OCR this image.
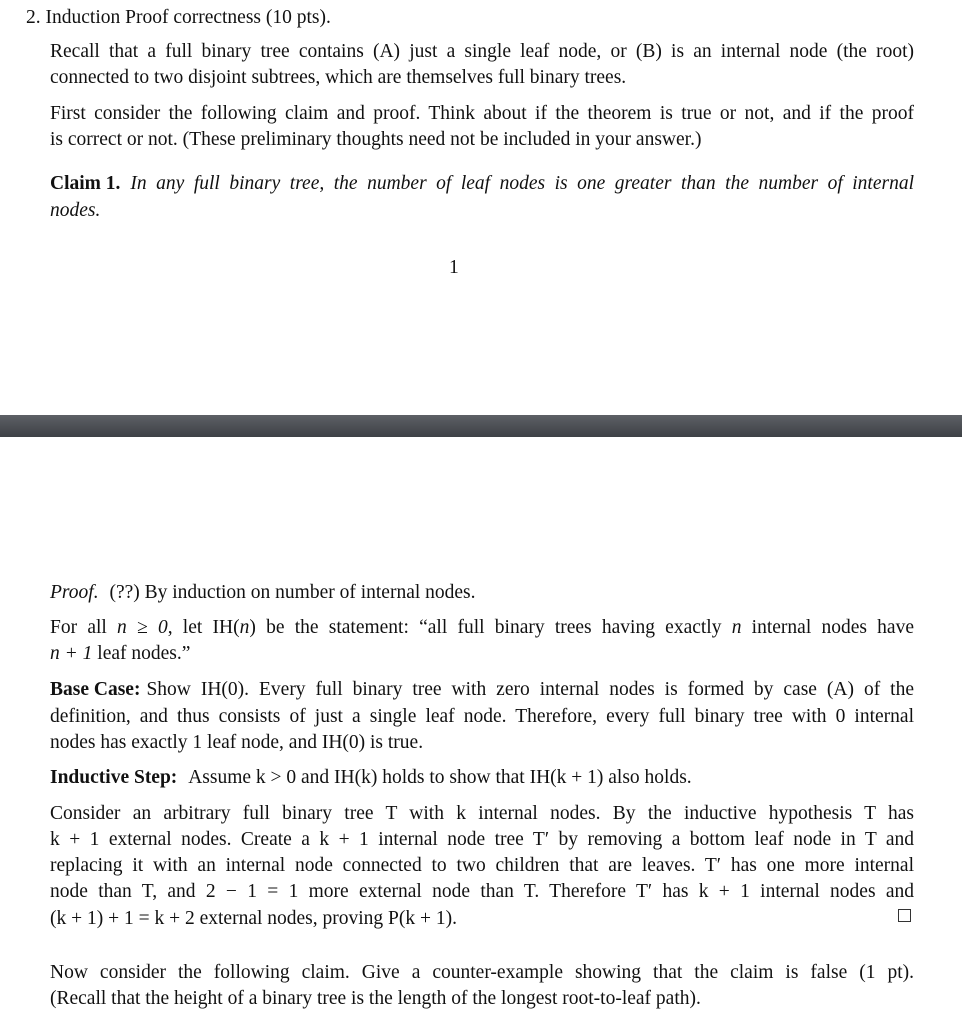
2. Induction Proof correctness (10 pts).
Recall that a full binary tree contains (A) just a single leaf node, or (B) is an internal node (the root)
connected to two disjoint subtrees, which are themselves full binary trees.
First consider the following claim and proof. Think about if the theorem is true or not, and if the proof
is correct or not. (These preliminary thoughts need not be included in your answer.)
Claim 1. In any full binary tree, the number of leaf nodes is one greater than the number of internal
nodes.
1
Proof. (??) By induction on number of internal nodes.
For all n ≥ 0, let IH(n) be the statement: “all full binary trees having exactly n internal nodes have
n + 1 leaf nodes.”
Base Case: Show IH(0). Every full binary tree with zero internal nodes is formed by case (A) of the
definition, and thus consists of just a single leaf node. Therefore, every full binary tree with 0 internal
nodes has exactly 1 leaf node, and IH(0) is true.
Inductive Step: Assume k > 0 and IH(k) holds to show that IH(k + 1) also holds.
Consider an arbitrary full binary tree T with k internal nodes. By the inductive hypothesis T has
k + 1 external nodes. Create a k + 1 internal node tree T′ by removing a bottom leaf node in T and
replacing it with an internal node connected to two children that are leaves. T′ has one more internal
node than T, and 2 − 1 = 1 more external node than T. Therefore T′ has k + 1 internal nodes and
(k + 1) + 1 = k + 2 external nodes, proving P(k + 1).
Now consider the following claim. Give a counter-example showing that the claim is false (1 pt).
(Recall that the height of a binary tree is the length of the longest root-to-leaf path).
